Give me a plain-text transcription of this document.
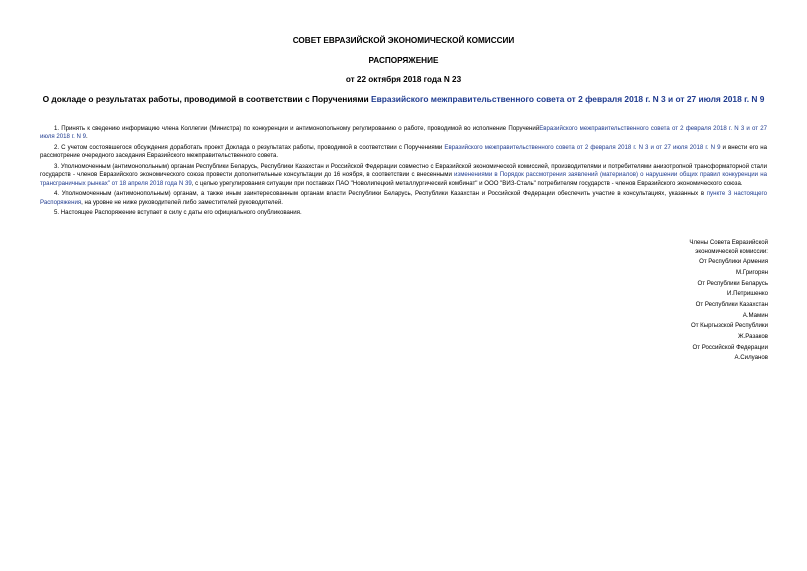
СОВЕТ ЕВРАЗИЙСКОЙ ЭКОНОМИЧЕСКОЙ КОМИССИИ
РАСПОРЯЖЕНИЕ
от 22 октября 2018 года N 23
О докладе о результатах работы, проводимой в соответствии с Поручениями Евразийского межправительственного совета от 2 февраля 2018 г. N 3 и от 27 июля 2018 г. N 9

1. Принять к сведению информацию члена Коллегии (Министра) по конкуренции и антимонопольному регулированию о работе, проводимой во исполнение ПорученийЕвразийского межправительственного совета от 2 февраля 2018 г. N 3 и от 27 июля 2018 г. N 9.

2. С учетом состоявшегося обсуждения доработать проект Доклада о результатах работы, проводимой в соответствии с Поручениями Евразийского межправительственного совета от 2 февраля 2018 г. N 3 и от 27 июля 2018 г. N 9 и внести его на рассмотрение очередного заседания Евразийского межправительственного совета.

3. Уполномоченным (антимонопольным) органам Республики Беларусь, Республики Казахстан и Российской Федерации совместно с Евразийской экономической комиссией, производителями и потребителями анизотропной трансформаторной стали государств - членов Евразийского экономического союза провести дополнительные консультации до 16 ноября, в соответствии с внесенными изменениями в Порядок рассмотрения заявлений (материалов) о нарушении общих правил конкуренции на трансграничных рынках" от 18 апреля 2018 года N 39, с целью урегулирования ситуации при поставках ПАО "Новолипецкий металлургический комбинат" и ООО "ВИЗ-Сталь" потребителям государств - членов Евразийского экономического союза.

4. Уполномоченным (антимонопольным) органам, а также иным заинтересованным органам власти Республики Беларусь, Республики Казахстан и Российской Федерации обеспечить участие в консультациях, указанных в пункте 3 настоящего Распоряжения, на уровне не ниже руководителей либо заместителей руководителей.

5. Настоящее Распоряжение вступает в силу с даты его официального опубликования.

Члены Совета Евразийской
экономической комиссии:
От Республики Армения
М.Григорян
От Республики Беларусь
И.Петришенко
От Республики Казахстан
А.Мамин
От Кыргызской Республики
Ж.Разаков
От Российской Федерации
А.Силуанов
